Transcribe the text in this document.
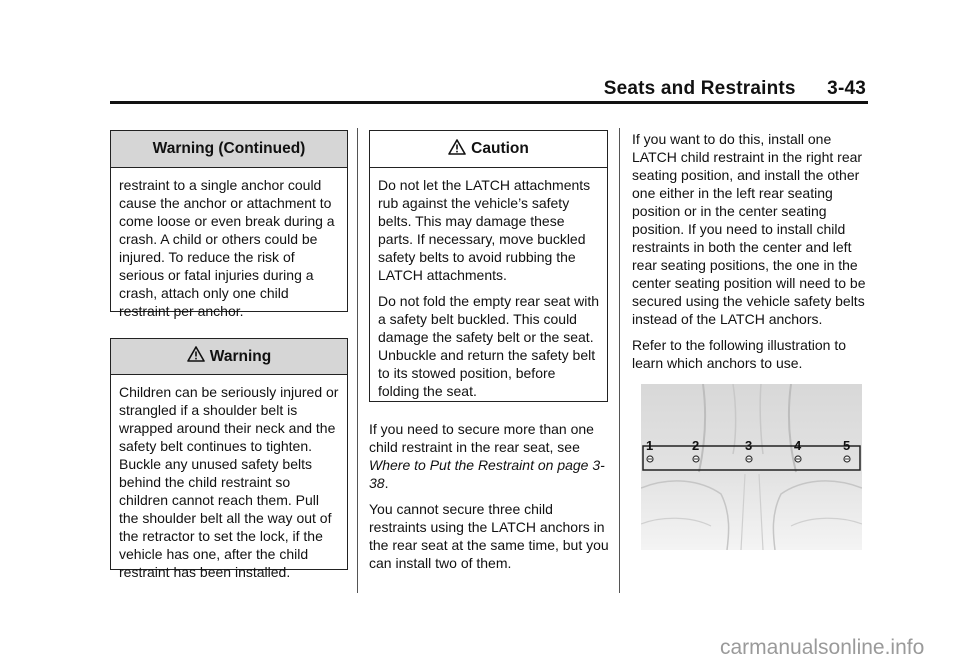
Seats and Restraints 3-43
Warning (Continued)

restraint to a single anchor could cause the anchor or attachment to come loose or even break during a crash. A child or others could be injured. To reduce the risk of serious or fatal injuries during a crash, attach only one child restraint per anchor.

Warning

Children can be seriously injured or strangled if a shoulder belt is wrapped around their neck and the safety belt continues to tighten. Buckle any unused safety belts behind the child restraint so children cannot reach them. Pull the shoulder belt all the way out of the retractor to set the lock, if the vehicle has one, after the child restraint has been installed.

Caution

Do not let the LATCH attachments rub against the vehicle’s safety belts. This may damage these parts. If necessary, move buckled safety belts to avoid rubbing the LATCH attachments.

Do not fold the empty rear seat with a safety belt buckled. This could damage the safety belt or the seat. Unbuckle and return the safety belt to its stowed position, before folding the seat.

If you need to secure more than one child restraint in the rear seat, see Where to Put the Restraint on page 3-38.

You cannot secure three child restraints using the LATCH anchors in the rear seat at the same time, but you can install two of them.

If you want to do this, install one LATCH child restraint in the right rear seating position, and install the other one either in the left rear seating position or in the center seating position. If you need to install child restraints in both the center and left rear seating positions, the one in the center seating position will need to be secured using the vehicle safety belts instead of the LATCH anchors.

Refer to the following illustration to learn which anchors to use.

1	2	3	4	5
carmanualsonline.info
